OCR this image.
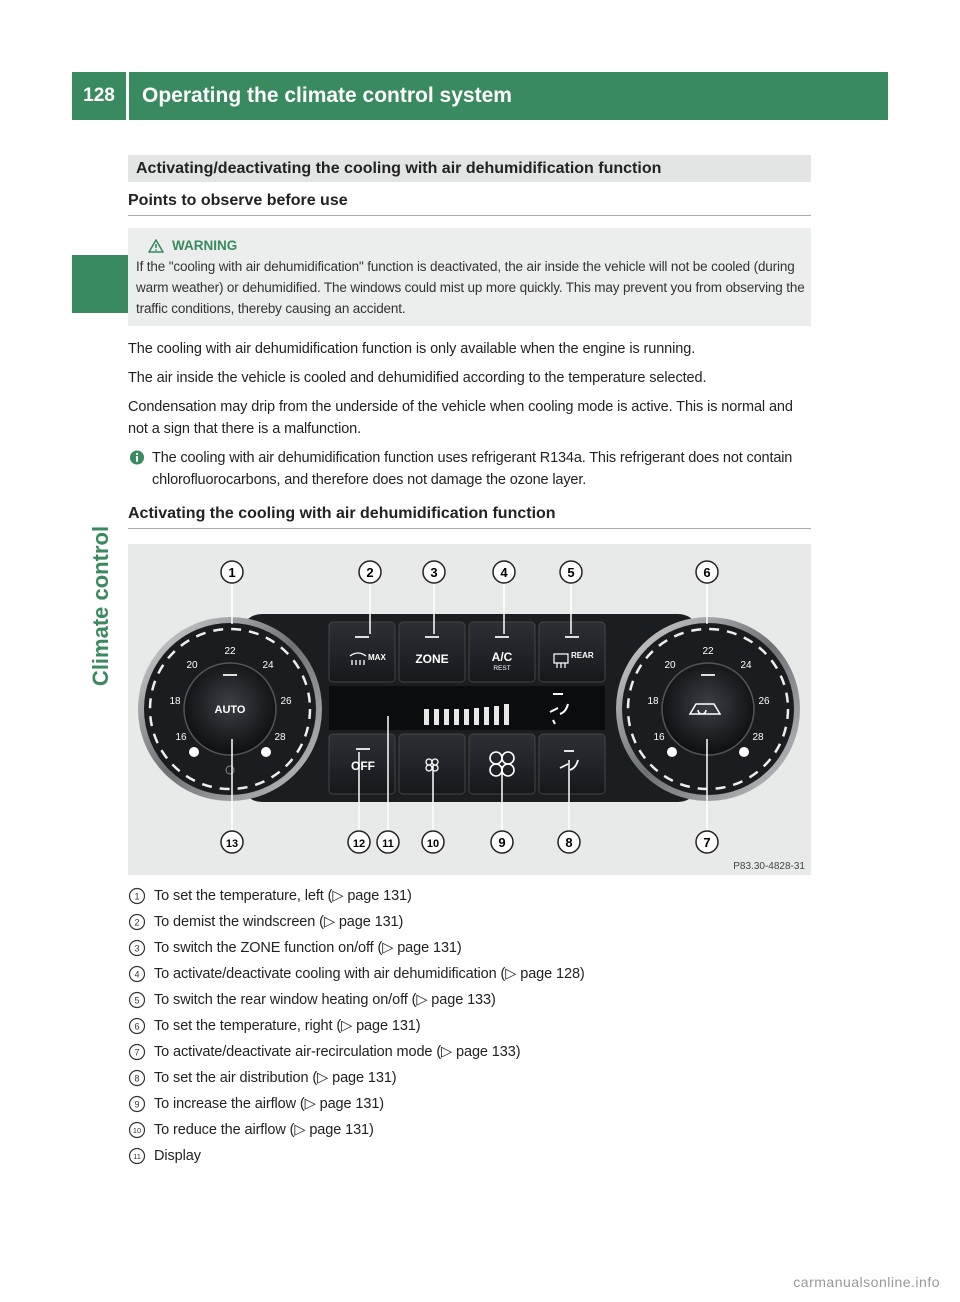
128	Operating the climate control system
Climate control
Activating/deactivating the cooling with air dehumidification function
Points to observe before use
WARNING
If the "cooling with air dehumidification" function is deactivated, the air inside the vehicle will not be cooled (during warm weather) or dehumidified. The windows could mist up more quickly. This may prevent you from observing the traffic conditions, thereby causing an accident.
The cooling with air dehumidification function is only available when the engine is running.
The air inside the vehicle is cooled and dehumidified according to the temperature selected.
Condensation may drip from the underside of the vehicle when cooling mode is active. This is normal and not a sign that there is a malfunction.
The cooling with air dehumidification function uses refrigerant R134a. This refrigerant does not contain chlorofluorocarbons, and therefore does not damage the ozone layer.
Activating the cooling with air dehumidification function
MAX ZONE	A/C
REST
REAR
OFF
AUTO
18
20
22
24
26
28
16
18
20
22
24
26
28
16
1	2	3	4	5	6
13	12 11	10	9	8	7
P83.30-4828-31
1 To set the temperature, left (▷ page 131)
2 To demist the windscreen (▷ page 131)
3 To switch the ZONE function on/off (▷ page 131)
4 To activate/deactivate cooling with air dehumidification (▷ page 128)
5 To switch the rear window heating on/off (▷ page 133)
6 To set the temperature, right (▷ page 131)
7 To activate/deactivate air-recirculation mode (▷ page 133)
8 To set the air distribution (▷ page 131)
9 To increase the airflow (▷ page 131)
10 To reduce the airflow (▷ page 131)
11 Display
carmanualsonline.info
